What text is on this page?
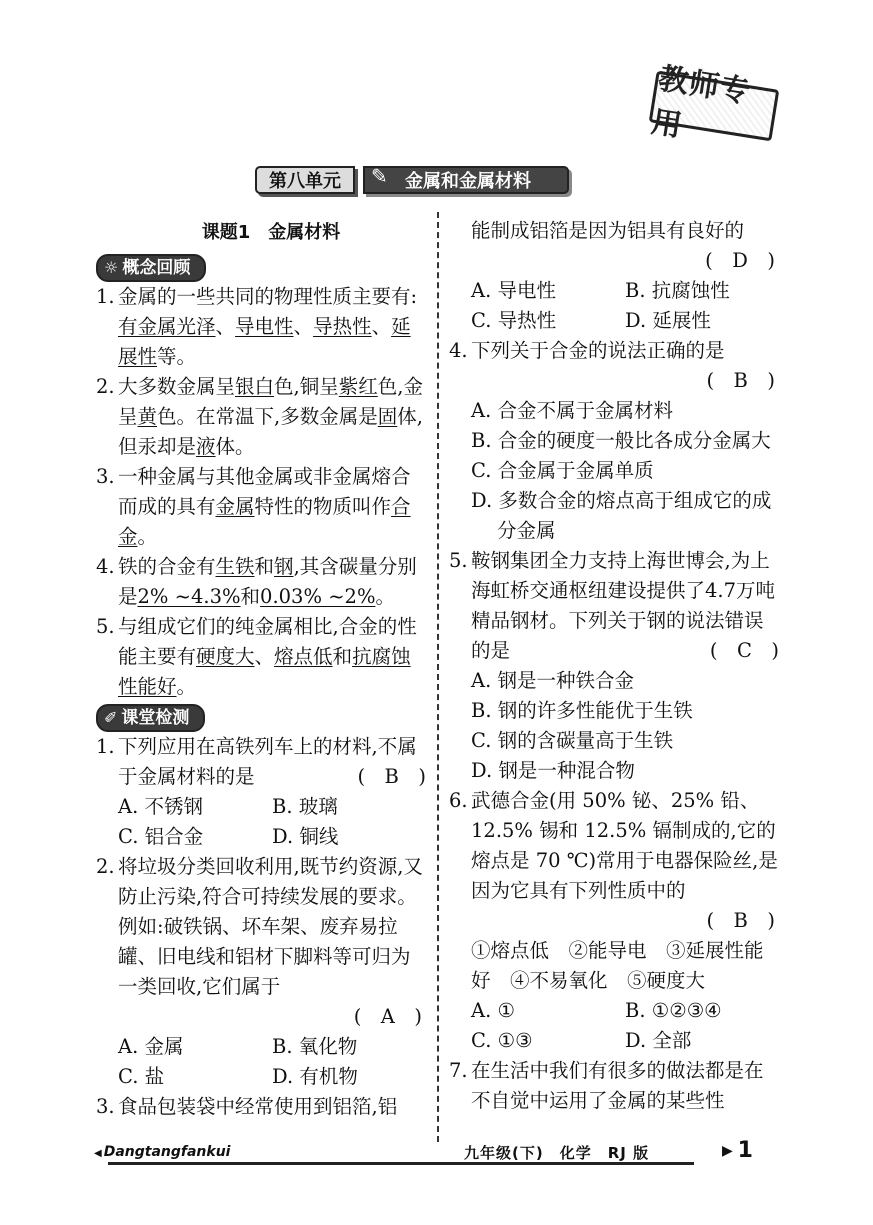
教师专用
第八单元	✎ 金属和金属材料
课题1　金属材料
☼ 概念回顾
1. 金属的一些共同的物理性质主要有:有金属光泽、导电性、导热性、延展性等。
2. 大多数金属呈银白色,铜呈紫红色,金呈黄色。在常温下,多数金属是固体,但汞却是液体。
3. 一种金属与其他金属或非金属熔合而成的具有金属特性的物质叫作合金。
4. 铁的合金有生铁和钢,其含碳量分别是2% ~4.3%和0.03% ~2%。
5. 与组成它们的纯金属相比,合金的性能主要有硬度大、熔点低和抗腐蚀性能好。
✐ 课堂检测
1. 下列应用在高铁列车上的材料,不属于金属材料的是	(　B　)
A. 不锈钢	B. 玻璃
C. 铝合金	D. 铜线
2. 将垃圾分类回收利用,既节约资源,又防止污染,符合可持续发展的要求。例如:破铁锅、坏车架、废弃易拉罐、旧电线和铝材下脚料等可归为一类回收,它们属于
(　A　)
A. 金属	B. 氧化物
C. 盐	D. 有机物
3. 食品包装袋中经常使用到铝箔,铝
能制成铝箔是因为铝具有良好的
(　D　)
A. 导电性	B. 抗腐蚀性
C. 导热性	D. 延展性
4. 下列关于合金的说法正确的是
(　B　)
A. 合金不属于金属材料
B. 合金的硬度一般比各成分金属大
C. 合金属于金属单质
D. 多数合金的熔点高于组成它的成分金属
5. 鞍钢集团全力支持上海世博会,为上海虹桥交通枢纽建设提供了4.7万吨精品钢材。下列关于钢的说法错误的是	(　C　)
A. 钢是一种铁合金
B. 钢的许多性能优于生铁
C. 钢的含碳量高于生铁
D. 钢是一种混合物
6. 武德合金(用 50% 铋、25% 铅、12.5% 锡和 12.5% 镉制成的,它的熔点是 70 ℃)常用于电器保险丝,是因为它具有下列性质中的
(　B　)
①熔点低　②能导电　③延展性能好　④不易氧化　⑤硬度大
A. ①	B. ①②③④
C. ①③	D. 全部
7. 在生活中我们有很多的做法都是在不自觉中运用了金属的某些性
◀ Dangtangfankui	九年级(下)　化学　RJ 版
▶	1
